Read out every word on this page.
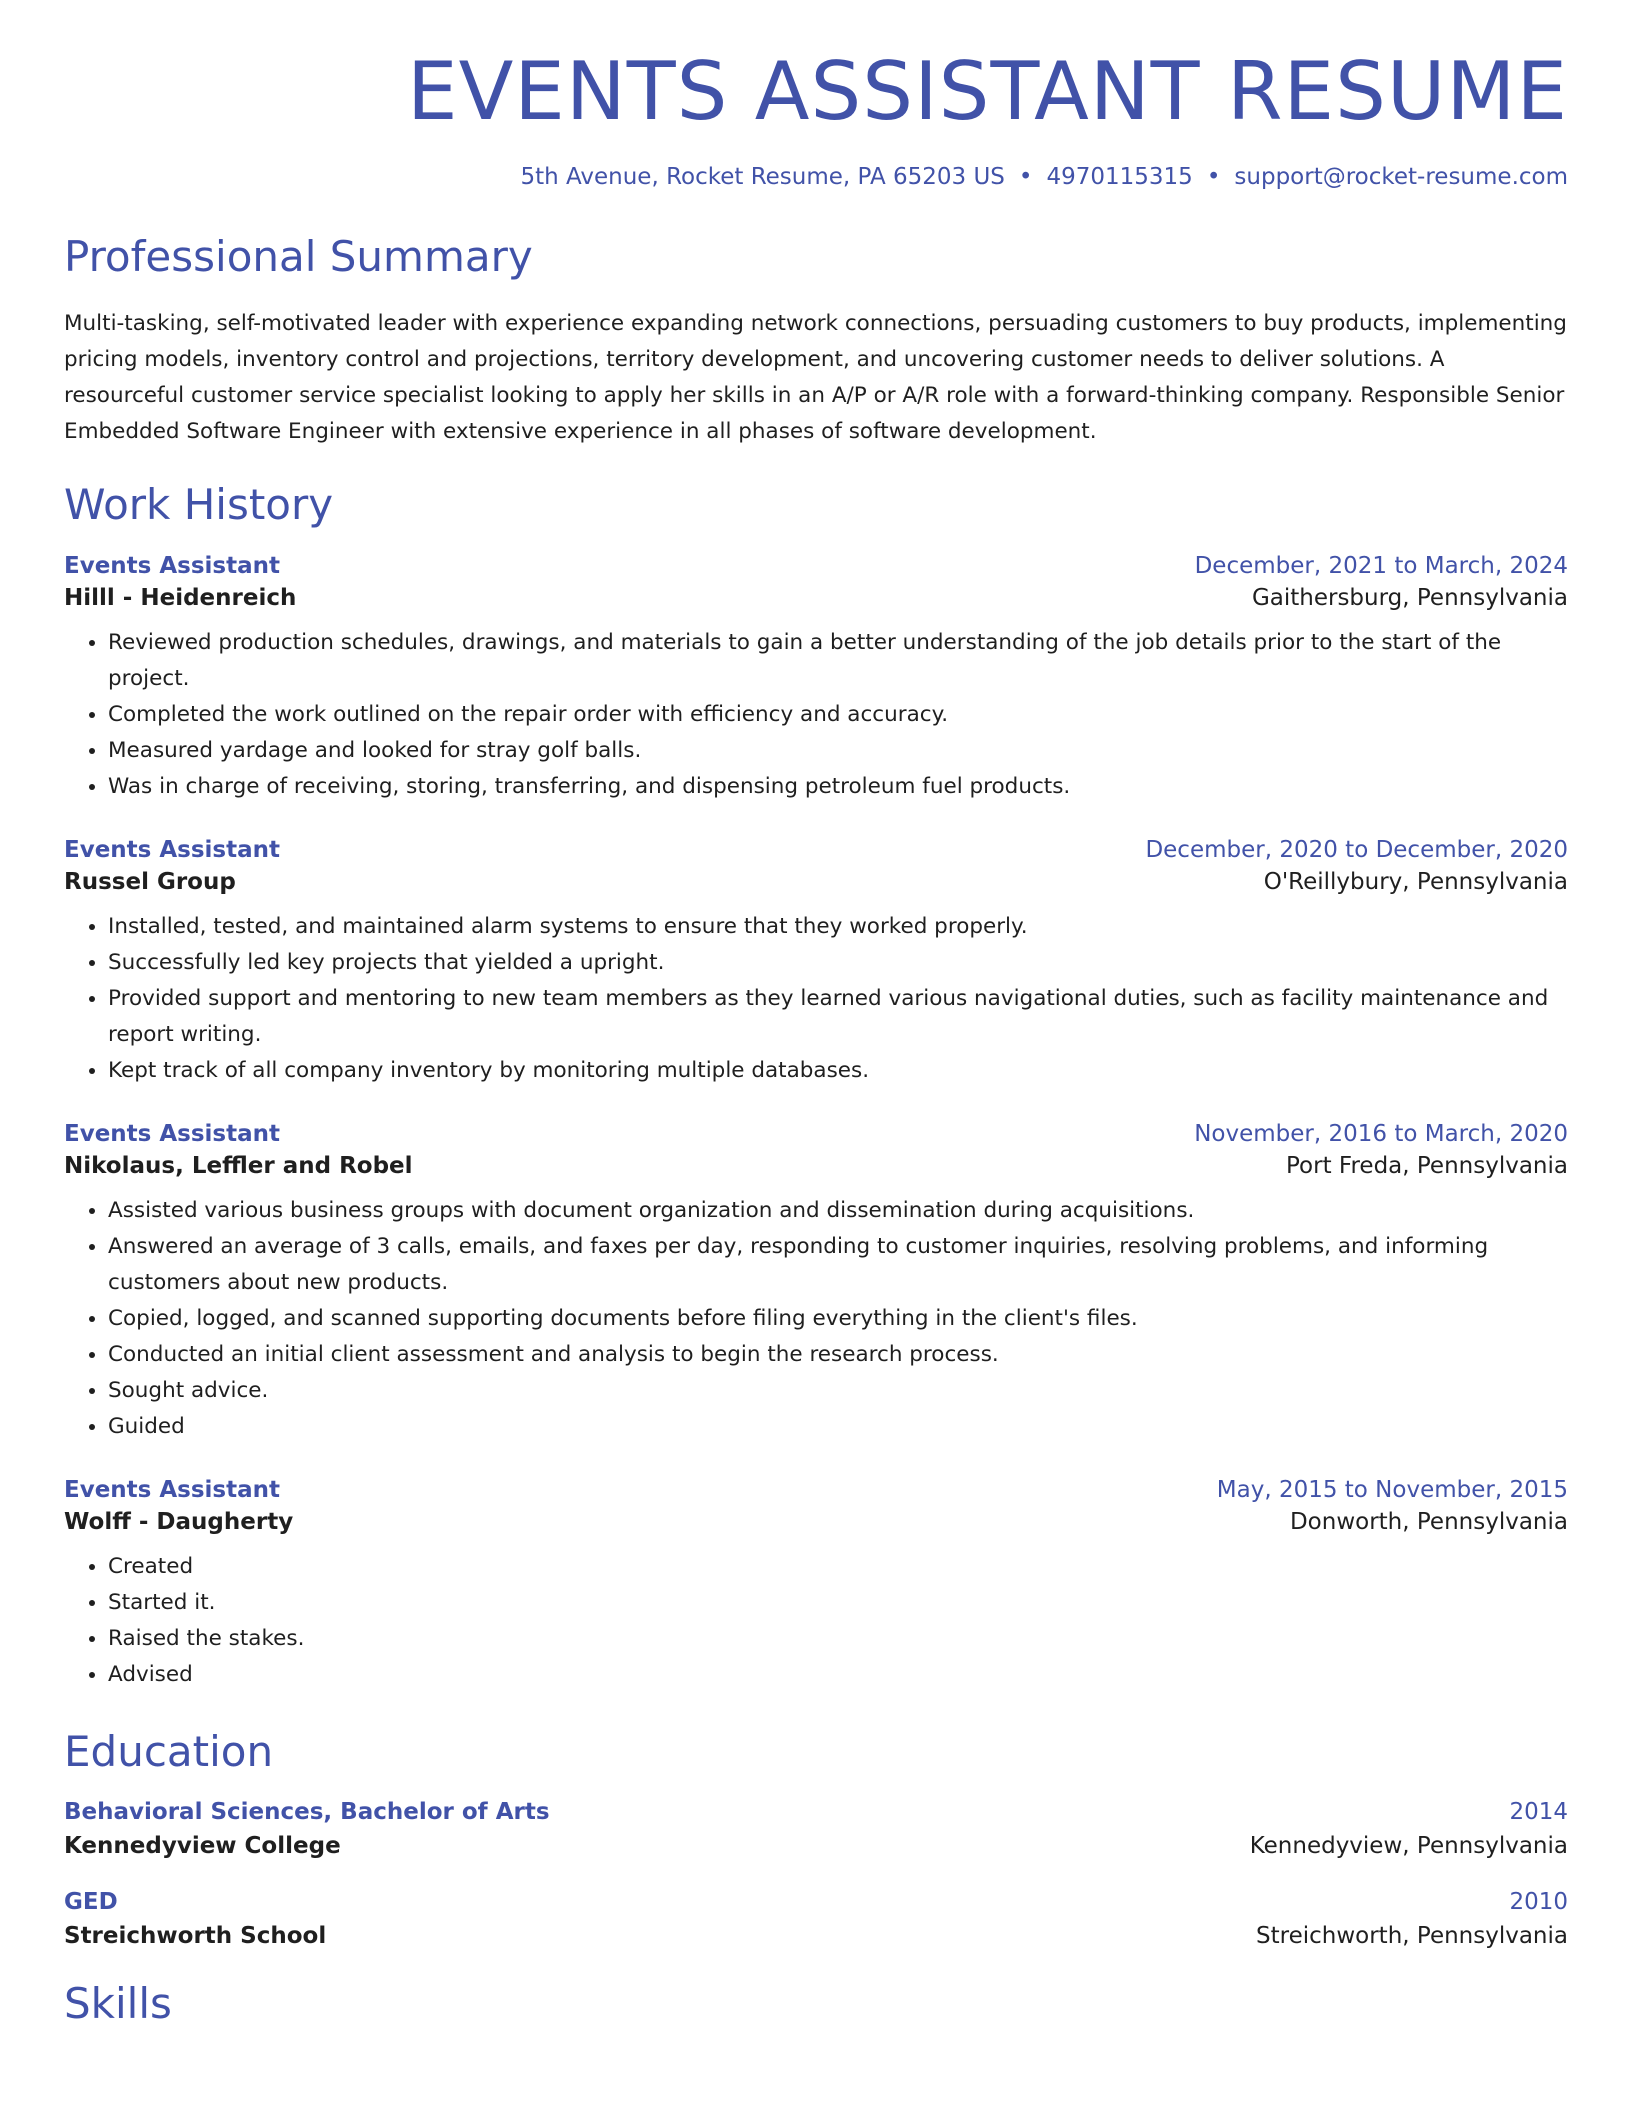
EVENTS ASSISTANT RESUME
5th Avenue, Rocket Resume, PA 65203 US • 4970115315 • support@rocket-resume.com
Professional Summary
Multi-tasking, self-motivated leader with experience expanding network connections, persuading customers to buy products, implementing pricing models, inventory control and projections, territory development, and uncovering customer needs to deliver solutions. A resourceful customer service specialist looking to apply her skills in an A/P or A/R role with a forward-thinking company. Responsible Senior Embedded Software Engineer with extensive experience in all phases of software development.
Work History
Events Assistant	December, 2021 to March, 2024
Hilll - Heidenreich	Gaithersburg, Pennsylvania
• Reviewed production schedules, drawings, and materials to gain a better understanding of the job details prior to the start of the project.
• Completed the work outlined on the repair order with efficiency and accuracy.
• Measured yardage and looked for stray golf balls.
• Was in charge of receiving, storing, transferring, and dispensing petroleum fuel products.
Events Assistant	December, 2020 to December, 2020
Russel Group	O'Reillybury, Pennsylvania
• Installed, tested, and maintained alarm systems to ensure that they worked properly.
• Successfully led key projects that yielded a upright.
• Provided support and mentoring to new team members as they learned various navigational duties, such as facility maintenance and report writing.
• Kept track of all company inventory by monitoring multiple databases.
Events Assistant	November, 2016 to March, 2020
Nikolaus, Leffler and Robel	Port Freda, Pennsylvania
• Assisted various business groups with document organization and dissemination during acquisitions.
• Answered an average of 3 calls, emails, and faxes per day, responding to customer inquiries, resolving problems, and informing customers about new products.
• Copied, logged, and scanned supporting documents before filing everything in the client's files.
• Conducted an initial client assessment and analysis to begin the research process.
• Sought advice.
• Guided
Events Assistant	May, 2015 to November, 2015
Wolff - Daugherty	Donworth, Pennsylvania
• Created
• Started it.
• Raised the stakes.
• Advised
Education
Behavioral Sciences, Bachelor of Arts	2014
Kennedyview College	Kennedyview, Pennsylvania
GED	2010
Streichworth School	Streichworth, Pennsylvania
Skills
